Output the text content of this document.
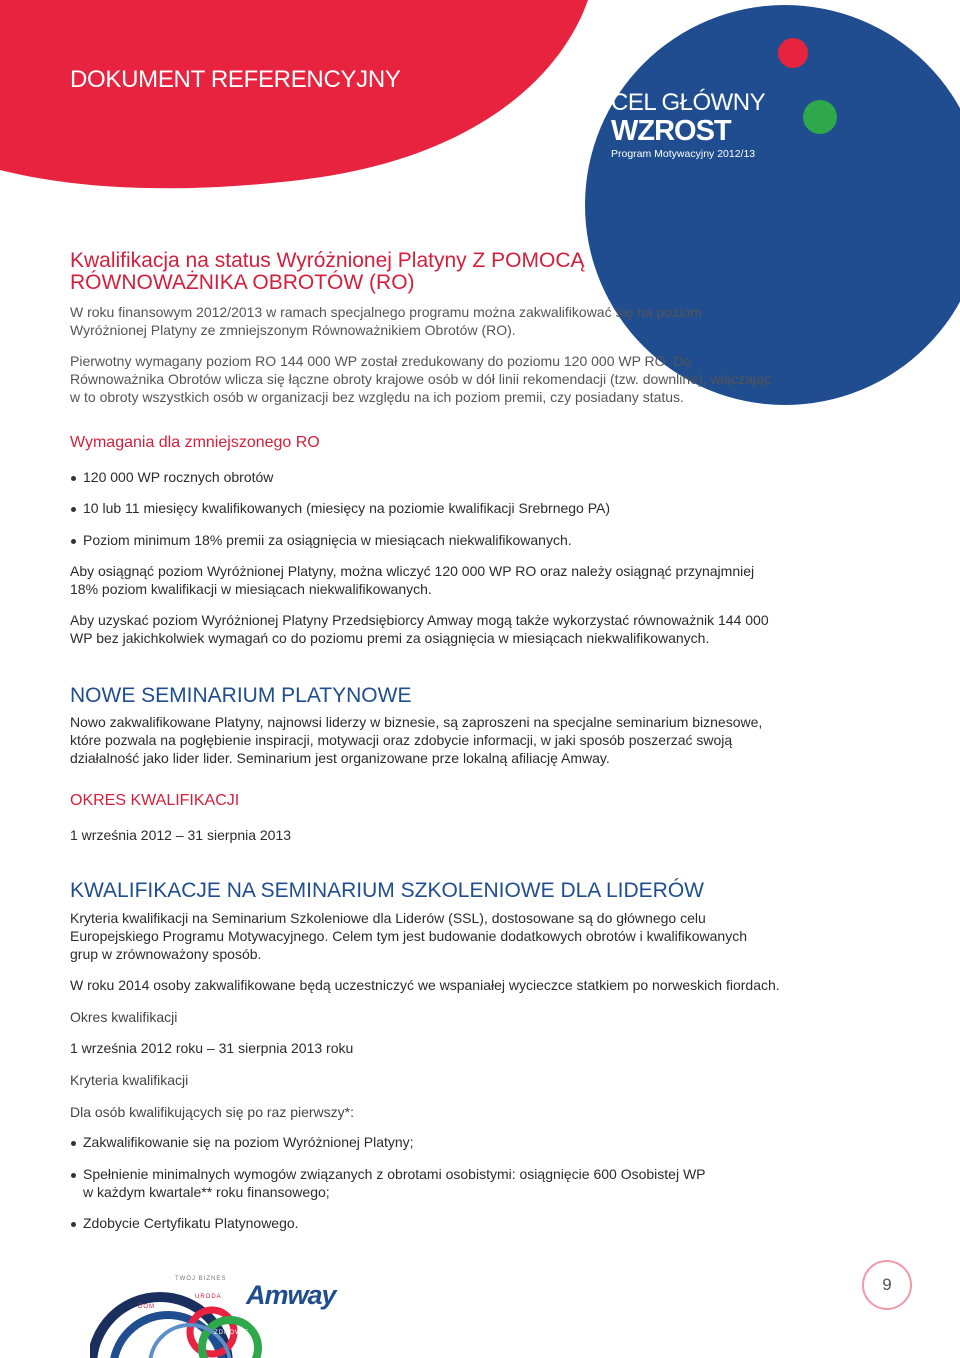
DOKUMENT REFERENCYJNY
CEL GŁÓWNY
WZROST
Program Motywacyjny 2012/13
Kwalifikacja na status Wyróżnionej Platyny Z POMOCĄ
RÓWNOWAŻNIKA OBROTÓW (RO)
W roku finansowym 2012/2013 w ramach specjalnego programu można zakwalifikować się na poziom
Wyróżnionej Platyny ze zmniejszonym Równoważnikiem Obrotów (RO).
Pierwotny wymagany poziom RO 144 000 WP został zredukowany do poziomu 120 000 WP RO. Do
Równoważnika Obrotów wlicza się łączne obroty krajowe osób w dół linii rekomendacji (tzw. downline), włączając
w to obroty wszystkich osób w organizacji bez względu na ich poziom premii, czy posiadany status.
Wymagania dla zmniejszonego RO
120 000 WP rocznych obrotów
10 lub 11 miesięcy kwalifikowanych (miesięcy na poziomie kwalifikacji Srebrnego PA)
Poziom minimum 18% premii za osiągnięcia w miesiącach niekwalifikowanych.
Aby osiągnąć poziom Wyróżnionej Platyny, można wliczyć 120 000 WP RO oraz należy osiągnąć przynajmniej
18% poziom kwalifikacji w miesiącach niekwalifikowanych.
Aby uzyskać poziom Wyróżnionej Platyny Przedsiębiorcy Amway mogą także wykorzystać równoważnik 144 000
WP bez jakichkolwiek wymagań co do poziomu premi za osiągnięcia w miesiącach niekwalifikowanych.
NOWE SEMINARIUM PLATYNOWE
Nowo zakwalifikowane Platyny, najnowsi liderzy w biznesie, są zaproszeni na specjalne seminarium biznesowe,
które pozwala na pogłębienie inspiracji, motywacji oraz zdobycie informacji, w jaki sposób poszerzać swoją
działalność jako lider lider. Seminarium jest organizowane prze lokalną afiliację Amway.
OKRES KWALIFIKACJI
1 września 2012 – 31 sierpnia 2013
KWALIFIKACJE NA SEMINARIUM SZKOLENIOWE DLA LIDERÓW
Kryteria kwalifikacji na Seminarium Szkoleniowe dla Liderów (SSL), dostosowane są do głównego celu
Europejskiego Programu Motywacyjnego. Celem tym jest budowanie dodatkowych obrotów i kwalifikowanych
grup w zrównoważony sposób.
W roku 2014 osoby zakwalifikowane będą uczestniczyć we wspaniałej wycieczce statkiem po norweskich fiordach.
Okres kwalifikacji
1 września 2012 roku – 31 sierpnia 2013 roku
Kryteria kwalifikacji
Dla osób kwalifikujących się po raz pierwszy*:
Zakwalifikowanie się na poziom Wyróżnionej Platyny;
Spełnienie minimalnych wymogów związanych z obrotami osobistymi: osiągnięcie 600 Osobistej WP
w każdym kwartale** roku finansowego;
Zdobycie Certyfikatu Platynowego.
TWÓJ BIZNES
URODA
DOM
ZDROWIE
Amway	9
